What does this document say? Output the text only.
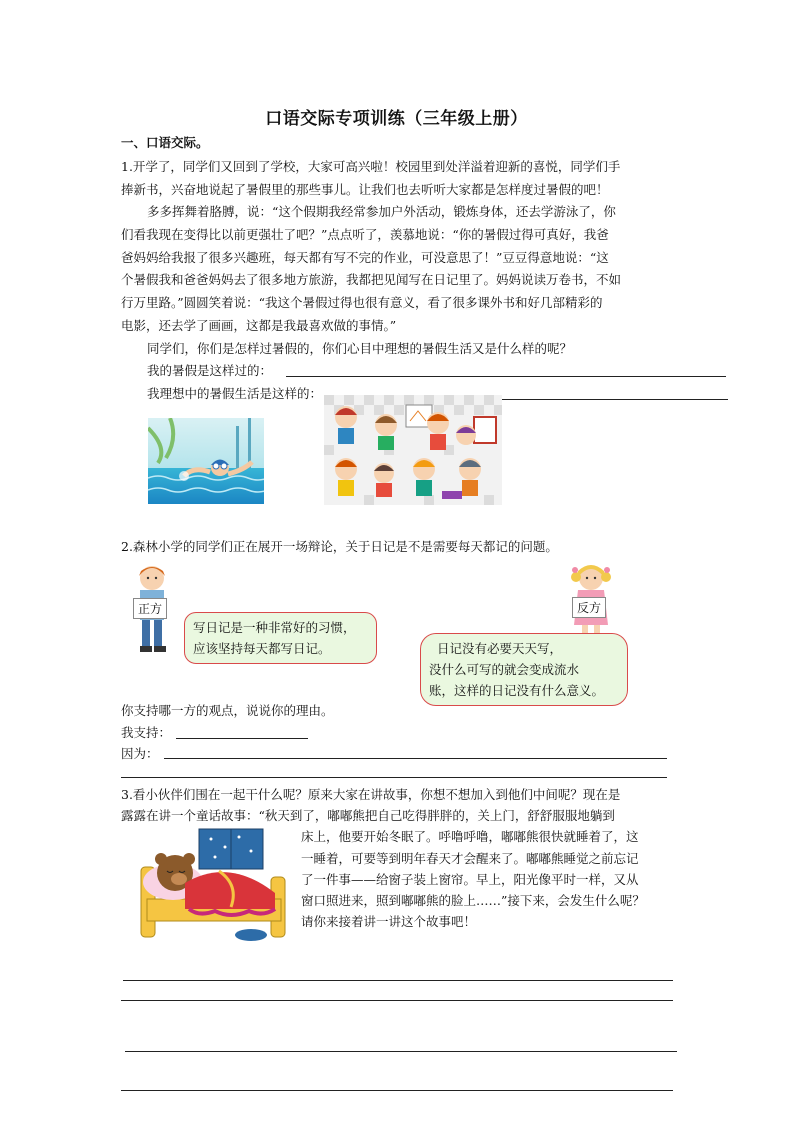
口语交际专项训练（三年级上册）
一、口语交际。
1.开学了，同学们又回到了学校，大家可高兴啦！校园里到处洋溢着迎新的喜悦，同学们手
捧新书，兴奋地说起了暑假里的那些事儿。让我们也去听听大家都是怎样度过暑假的吧！
多多挥舞着胳膊，说：“这个假期我经常参加户外活动，锻炼身体，还去学游泳了，你
们看我现在变得比以前更强壮了吧？”点点听了，羡慕地说：“你的暑假过得可真好，我爸
爸妈妈给我报了很多兴趣班，每天都有写不完的作业，可没意思了！”豆豆得意地说：“这
个暑假我和爸爸妈妈去了很多地方旅游，我都把见闻写在日记里了。妈妈说读万卷书，不如
行万里路。”圆圆笑着说：“我这个暑假过得也很有意义，看了很多课外书和好几部精彩的
电影，还去学了画画，这都是我最喜欢做的事情。”
同学们，你们是怎样过暑假的，你们心目中理想的暑假生活又是什么样的呢？
我的暑假是这样过的：
我理想中的暑假生活是这样的：
2.森林小学的同学们正在展开一场辩论，关于日记是不是需要每天都记的问题。
正方	反方
写日记是一种非常好的习惯，
应该坚持每天都写日记。	日记没有必要天天写，
没什么可写的就会变成流水
账，这样的日记没有什么意义。
你支持哪一方的观点，说说你的理由。
我支持：
因为：
3.看小伙伴们围在一起干什么呢？原来大家在讲故事，你想不想加入到他们中间呢？现在是
露露在讲一个童话故事：“秋天到了，嘟嘟熊把自己吃得胖胖的，关上门，舒舒服服地躺到
床上，他要开始冬眠了。呼噜呼噜，嘟嘟熊很快就睡着了，这
一睡着，可要等到明年春天才会醒来了。嘟嘟熊睡觉之前忘记
了一件事——给窗子装上窗帘。早上，阳光像平时一样，又从
窗口照进来，照到嘟嘟熊的脸上……”接下来，会发生什么呢？
请你来接着讲一讲这个故事吧！
